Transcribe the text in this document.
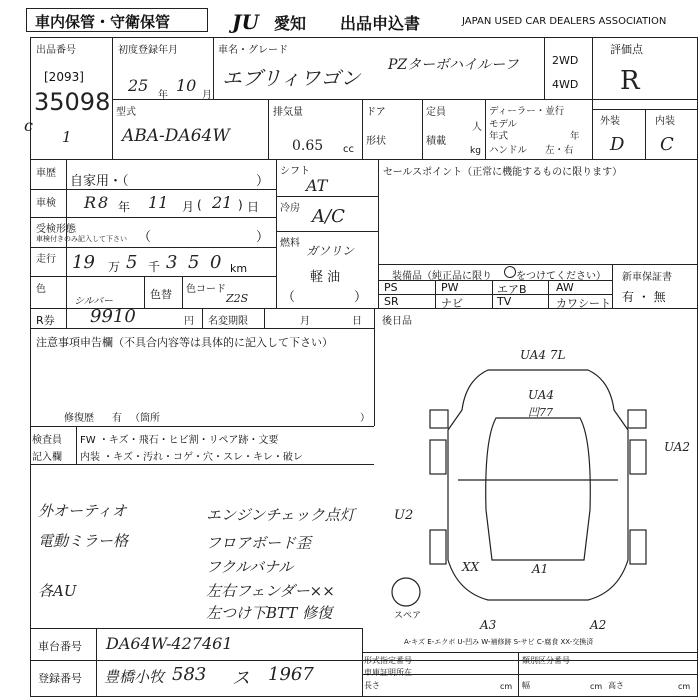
車内保管・守衛保管	JU 愛知 出品申込書	JAPAN USED CAR DEALERS ASSOCIATION
出品番号
[2093]
35098
c
1
初度登録年月
25
年
10
月
車名・グレード
エブリィワゴン
PZターボハイルーフ	2WD
4WD
評価点
R
外装	内装
D C
型式
ABA-DA64W
排気量
0.65 cc
ドア
形状
定員
人
積載
kg
ディーラー・並行
モデル
年式	年
ハンドル 左・右
車歴
自家用・（	）
車検 R 8 年 11 月 ( 21 ) 日
受検形態
車検付きのみ記入して下さい （	）
走行 19 万 5 千 3 5 0 km
色
シルバー
色替 色コード
Z2S
シフト
AT
冷房 A/C
燃料
ガソリン
軽 油
（	）
セールスポイント（正常に機能するものに限ります）
装備品（純正品に限り をつけてください）
PS	PW	エアB	AW
SR	ナビ	TV	カワシート
新車保証書
有 ・ 無
R券 9910	円 名変期限	月	日 後日品
注意事項申告欄（不具合内容等は具体的に記入して下さい）
修復歴 有 （箇所	）
検査員
記入欄
FW ・キズ・飛石・ヒビ割・リペア跡・文要
内装 ・キズ・汚れ・コゲ・穴・スレ・キレ・破レ
外オーティオ
電動ミラー格
各AU
エンジンチェック点灯
フロアボード歪
フクルバナル
左右フェンダー××
左つけ下BTT 修復
UA4 7L
UA4
凹77
UA2
U2
XX	A1
A3	A2
スペア
A-キズ E-エクボ U-凹み W-補修跡 S-サビ C-腐食 XX-交換済
車台番号 DA64W-427461
登録番号 豊橋小牧 583 ス 1967
形式指定番号	類別区分番号
車庫証明所在
長さ	cm 幅	cm 高さ	cm
